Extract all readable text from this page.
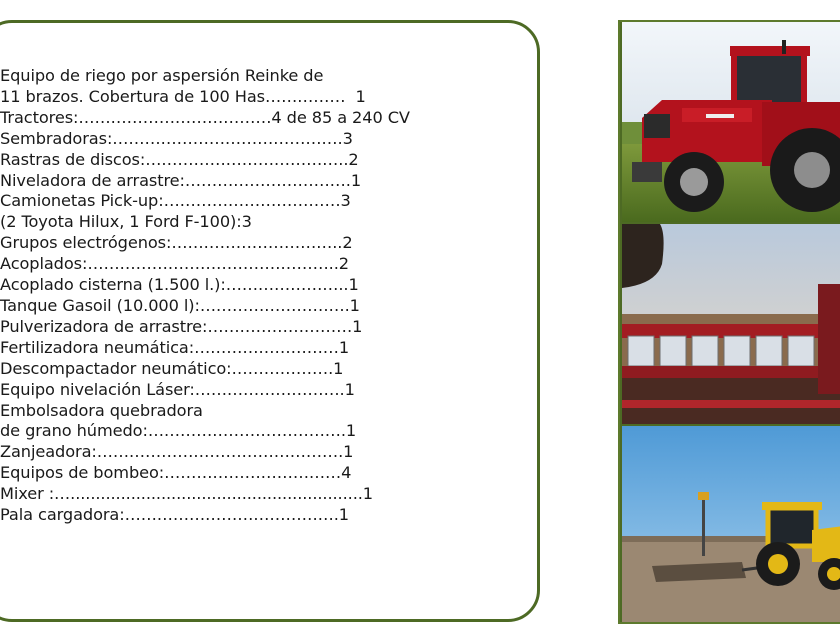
Equipo de riego por aspersión Reinke de
11 brazos. Cobertura de 100 Has……………  1
Tractores:………………………………4 de 85 a 240 CV
Sembradoras:…………………………………….3
Rastras de discos:………………………………..2
Niveladora de arrastre:………………………….1
Camionetas Pick-up:……………………………3
(2 Toyota Hilux, 1 Ford F-100):3
Grupos electrógenos:…………………………..2
Acoplados:………………………………………..2
Acoplado cisterna (1.500 l.):…………………..1
Tanque Gasoil (10.000 l):……………………….1
Pulverizadora de arrastre:………………………1
Fertilizadora neumática:………………………1
Descompactador neumático:……………….1
Equipo nivelación Láser:……………………….1
Embolsadora quebradora
de grano húmedo:……………………………….1
Zanjeadora:……………………………………….1
Equipos de bombeo:……………………………4
Mixer :…..........................................................1
Pala cargadora:………………………………….1
